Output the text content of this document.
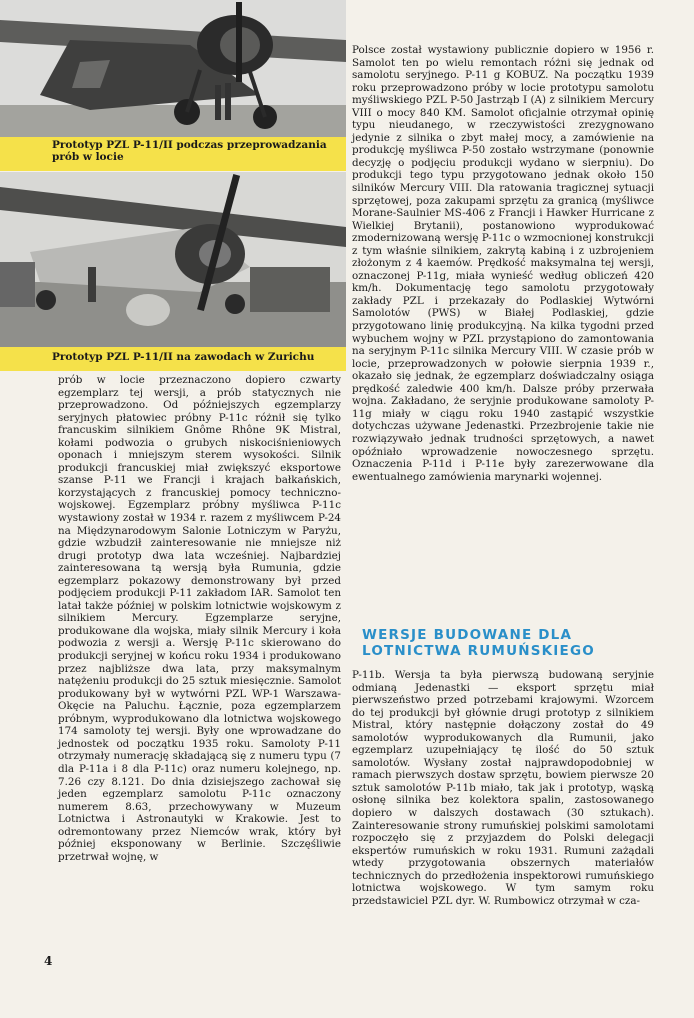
Prototyp PZL P-11/II podczas przeprowadzania prób w locie
Prototyp PZL P-11/II na zawodach w Zurichu
prób w locie przeznaczono dopiero czwarty egzemplarz tej wersji, a prób statycznych nie przeprowadzono. Od późniejszych egzemplarzy seryjnych płatowiec próbny P-11c różnił się tylko francuskim silnikiem Gnôme Rhône 9K Mistral, kołami podwozia o grubych niskociśnieniowych oponach i mniejszym sterem wysokości. Silnik produkcji francuskiej miał zwiększyć eksportowe szanse P-11 we Francji i krajach bałkańskich, korzystających z francuskiej pomocy techniczno-wojskowej. Egzemplarz próbny myśliwca P-11c wystawiony został w 1934 r. razem z myśliwcem P-24 na Międzynarodowym Salonie Lotniczym w Paryżu, gdzie wzbudził zainteresowanie nie mniejsze niż drugi prototyp dwa lata wcześniej. Najbardziej zainteresowana tą wersją była Rumunia, gdzie egzemplarz pokazowy demonstrowany był przed podjęciem produkcji P-11 zakładom IAR. Samolot ten latał także później w polskim lotnictwie wojskowym z silnikiem Mercury. Egzemplarze seryjne, produkowane dla wojska, miały silnik Mercury i koła podwozia z wersji a. Wersję P-11c skierowano do produkcji seryjnej w końcu roku 1934 i produkowano przez najbliższe dwa lata, przy maksymalnym natężeniu produkcji do 25 sztuk miesięcznie. Samolot produkowany był w wytwórni PZL WP-1 Warszawa-Okęcie na Paluchu. Łącznie, poza egzemplarzem próbnym, wyprodukowano dla lotnictwa wojskowego 174 samoloty tej wersji. Były one wprowadzane do jednostek od początku 1935 roku. Samoloty P-11 otrzymały numerację składającą się z numeru typu (7 dla P-11a i 8 dla P-11c) oraz numeru kolejnego, np. 7.26 czy 8.121. Do dnia dzisiejszego zachował się jeden egzemplarz samolotu P-11c oznaczony numerem 8.63, przechowywany w Muzeum Lotnictwa i Astronautyki w Krakowie. Jest to odremontowany przez Niemców wrak, który był później eksponowany w Berlinie. Szczęśliwie przetrwał wojnę, w
Polsce został wystawiony publicznie dopiero w 1956 r. Samolot ten po wielu remontach różni się jednak od samolotu seryjnego. P-11 g KOBUZ. Na początku 1939 roku przeprowadzono próby w locie prototypu samolotu myśliwskiego PZL P-50 Jastrząb I (A) z silnikiem Mercury VIII o mocy 840 KM. Samolot oficjalnie otrzymał opinię typu nieudanego, w rzeczywistości zrezygnowano jedynie z silnika o zbyt małej mocy, a zamówienie na produkcję myśliwca P-50 zostało wstrzymane (ponownie decyzję o podjęciu produkcji wydano w sierpniu). Do produkcji tego typu przygotowano jednak około 150 silników Mercury VIII. Dla ratowania tragicznej sytuacji sprzętowej, poza zakupami sprzętu za granicą (myśliwce Morane-Saulnier MS-406 z Francji i Hawker Hurricane z Wielkiej Brytanii), postanowiono wyprodukować zmodernizowaną wersję P-11c o wzmocnionej konstrukcji z tym właśnie silnikiem, zakrytą kabiną i z uzbrojeniem złożonym z 4 kaemów. Prędkość maksymalna tej wersji, oznaczonej P-11g, miała wynieść według obliczeń 420 km/h. Dokumentację tego samolotu przygotowały zakłady PZL i przekazały do Podlaskiej Wytwórni Samolotów (PWS) w Białej Podlaskiej, gdzie przygotowano linię produkcyjną. Na kilka tygodni przed wybuchem wojny w PZL przystąpiono do zamontowania na seryjnym P-11c silnika Mercury VIII. W czasie prób w locie, przeprowadzonych w połowie sierpnia 1939 r., okazało się jednak, że egzemplarz doświadczalny osiąga prędkość zaledwie 400 km/h. Dalsze próby przerwała wojna. Zakładano, że seryjnie produkowane samoloty P-11g miały w ciągu roku 1940 zastąpić wszystkie dotychczas używane Jedenastki. Przezbrojenie takie nie rozwiązywało jednak trudności sprzętowych, a nawet opóźniało wprowadzenie nowoczesnego sprzętu. Oznaczenia P-11d i P-11e były zarezerwowane dla ewentualnego zamówienia marynarki wojennej.
WERSJE BUDOWANE DLA LOTNICTWA RUMUŃSKIEGO
P-11b. Wersja ta była pierwszą budowaną seryjnie odmianą Jedenastki — eksport sprzętu miał pierwszeństwo przed potrzebami krajowymi. Wzorcem do tej produkcji był głównie drugi prototyp z silnikiem Mistral, który następnie dołączony został do 49 samolotów wyprodukowanych dla Rumunii, jako egzemplarz uzupełniający tę ilość do 50 sztuk samolotów. Wysłany został najprawdopodobniej w ramach pierwszych dostaw sprzętu, bowiem pierwsze 20 sztuk samolotów P-11b miało, tak jak i prototyp, wąską osłonę silnika bez kolektora spalin, zastosowanego dopiero w dalszych dostawach (30 sztukach). Zainteresowanie strony rumuńskiej polskimi samolotami rozpoczęło się z przyjazdem do Polski delegacji ekspertów rumuńskich w roku 1931. Rumuni zażądali wtedy przygotowania obszernych materiałów technicznych do przedłożenia inspektorowi rumuńskiego lotnictwa wojskowego. W tym samym roku przedstawiciel PZL dyr. W. Rumbowicz otrzymał w cza-
4
